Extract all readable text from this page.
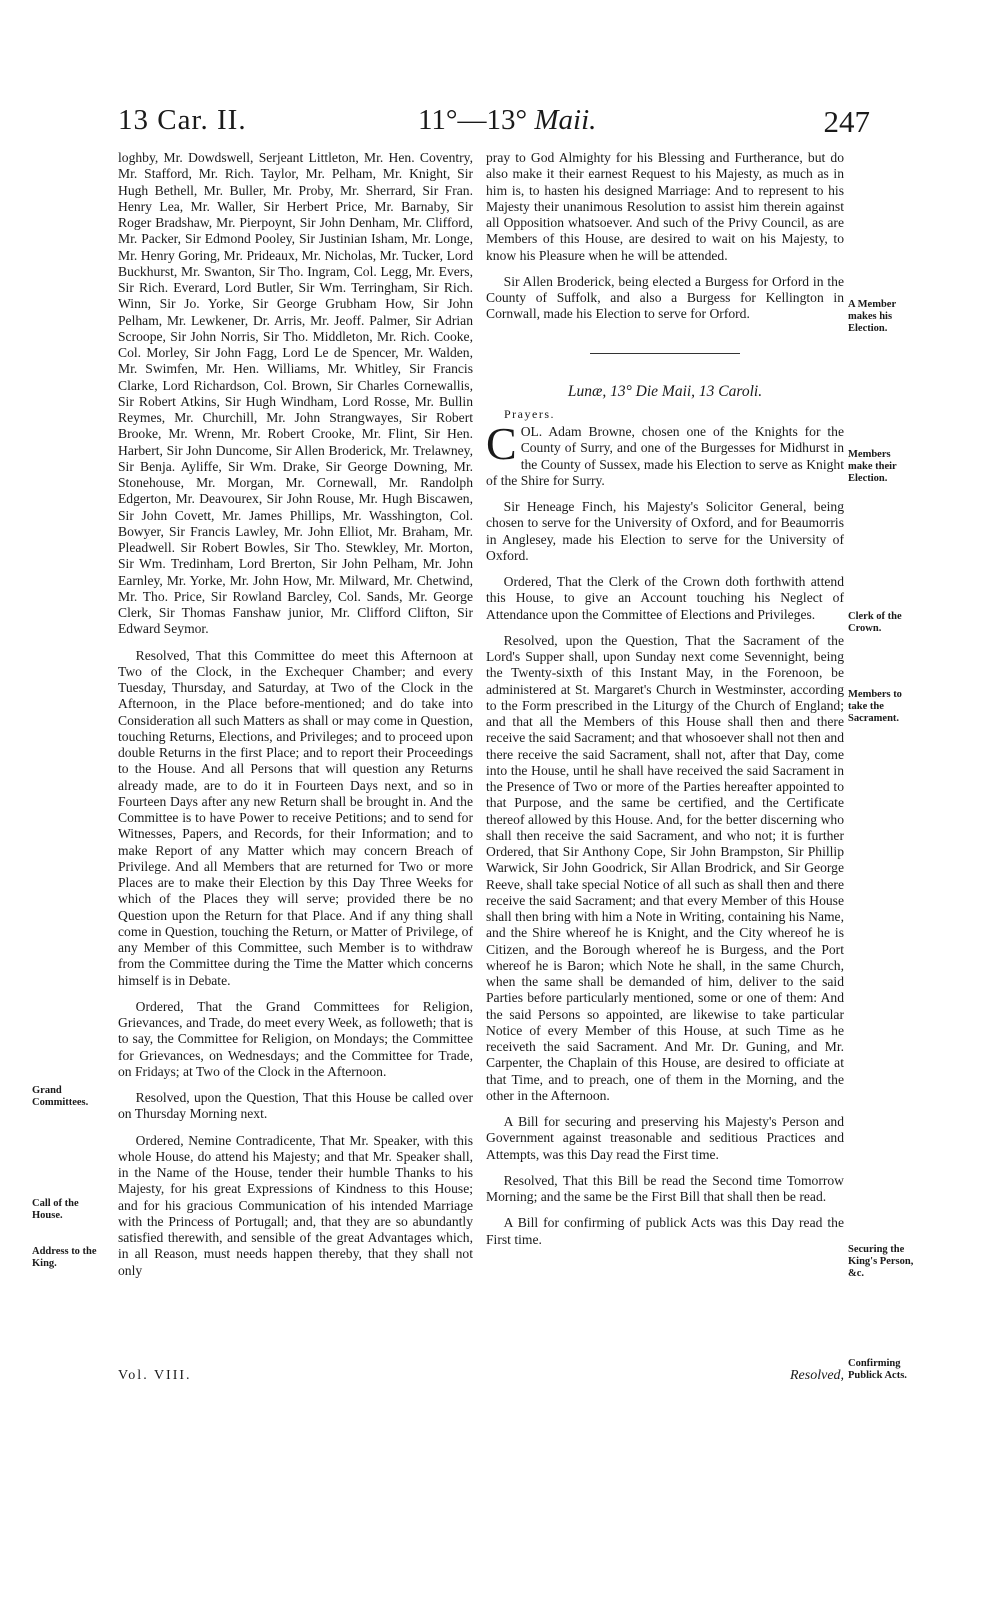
13 Car. II.	11°—13° Maii.	247

loghby, Mr. Dowdswell, Serjeant Littleton, Mr. Hen. Coventry, Mr. Stafford, Mr. Rich. Taylor, Mr. Pelham, Mr. Knight, Sir Hugh Bethell, Mr. Buller, Mr. Proby, Mr. Sherrard, Sir Fran. Henry Lea, Mr. Waller, Sir Herbert Price, Mr. Barnaby, Sir Roger Bradshaw, Mr. Pierpoynt, Sir John Denham, Mr. Clifford, Mr. Packer, Sir Edmond Pooley, Sir Justinian Isham, Mr. Longe, Mr. Henry Goring, Mr. Prideaux, Mr. Nicholas, Mr. Tucker, Lord Buckhurst, Mr. Swanton, Sir Tho. Ingram, Col. Legg, Mr. Evers, Sir Rich. Everard, Lord Butler, Sir Wm. Terringham, Sir Rich. Winn, Sir Jo. Yorke, Sir George Grubham How, Sir John Pelham, Mr. Lewkener, Dr. Arris, Mr. Jeoff. Palmer, Sir Adrian Scroope, Sir John Norris, Sir Tho. Middleton, Mr. Rich. Cooke, Col. Morley, Sir John Fagg, Lord Le de Spencer, Mr. Walden, Mr. Swimfen, Mr. Hen. Williams, Mr. Whitley, Sir Francis Clarke, Lord Richardson, Col. Brown, Sir Charles Cornewallis, Sir Robert Atkins, Sir Hugh Windham, Lord Rosse, Mr. Bullin Reymes, Mr. Churchill, Mr. John Strangwayes, Sir Robert Brooke, Mr. Wrenn, Mr. Robert Crooke, Mr. Flint, Sir Hen. Harbert, Sir John Duncome, Sir Allen Broderick, Mr. Trelawney, Sir Benja. Ayliffe, Sir Wm. Drake, Sir George Downing, Mr. Stonehouse, Mr. Morgan, Mr. Cornewall, Mr. Randolph Edgerton, Mr. Deavourex, Sir John Rouse, Mr. Hugh Biscawen, Sir John Covett, Mr. James Phillips, Mr. Wasshington, Col. Bowyer, Sir Francis Lawley, Mr. John Elliot, Mr. Braham, Mr. Pleadwell. Sir Robert Bowles, Sir Tho. Stewkley, Mr. Morton, Sir Wm. Tredinham, Lord Brerton, Sir John Pelham, Mr. John Earnley, Mr. Yorke, Mr. John How, Mr. Milward, Mr. Chetwind, Mr. Tho. Price, Sir Rowland Barcley, Col. Sands, Mr. George Clerk, Sir Thomas Fanshaw junior, Mr. Clifford Clifton, Sir Edward Seymor.

Resolved, That this Committee do meet this Afternoon at Two of the Clock, in the Exchequer Chamber; and every Tuesday, Thursday, and Saturday, at Two of the Clock in the Afternoon, in the Place before-mentioned; and do take into Consideration all such Matters as shall or may come in Question, touching Returns, Elections, and Privileges; and to proceed upon double Returns in the first Place; and to report their Proceedings to the House. And all Persons that will question any Returns already made, are to do it in Fourteen Days next, and so in Fourteen Days after any new Return shall be brought in. And the Committee is to have Power to receive Petitions; and to send for Witnesses, Papers, and Records, for their Information; and to make Report of any Matter which may concern Breach of Privilege. And all Members that are returned for Two or more Places are to make their Election by this Day Three Weeks for which of the Places they will serve; provided there be no Question upon the Return for that Place. And if any thing shall come in Question, touching the Return, or Matter of Privilege, of any Member of this Committee, such Member is to withdraw from the Committee during the Time the Matter which concerns himself is in Debate.

Ordered, That the Grand Committees for Religion, Grievances, and Trade, do meet every Week, as followeth; that is to say, the Committee for Religion, on Mondays; the Committee for Grievances, on Wednesdays; and the Committee for Trade, on Fridays; at Two of the Clock in the Afternoon.

Resolved, upon the Question, That this House be called over on Thursday Morning next.

Ordered, Nemine Contradicente, That Mr. Speaker, with this whole House, do attend his Majesty; and that Mr. Speaker shall, in the Name of the House, tender their humble Thanks to his Majesty, for his great Expressions of Kindness to this House; and for his gracious Communication of his intended Marriage with the Princess of Portugall; and, that they are so abundantly satisfied therewith, and sensible of the great Advantages which, in all Reason, must needs happen thereby, that they shall not only

pray to God Almighty for his Blessing and Furtherance, but do also make it their earnest Request to his Majesty, as much as in him is, to hasten his designed Marriage: And to represent to his Majesty their unanimous Resolution to assist him therein against all Opposition whatsoever. And such of the Privy Council, as are Members of this House, are desired to wait on his Majesty, to know his Pleasure when he will be attended.

Sir Allen Broderick, being elected a Burgess for Orford in the County of Suffolk, and also a Burgess for Kellington in Cornwall, made his Election to serve for Orford.

Lunæ, 13° Die Maii, 13 Caroli.
Prayers.

COL. Adam Browne, chosen one of the Knights for the County of Surry, and one of the Burgesses for Midhurst in the County of Sussex, made his Election to serve as Knight of the Shire for Surry.

Sir Heneage Finch, his Majesty's Solicitor General, being chosen to serve for the University of Oxford, and for Beaumorris in Anglesey, made his Election to serve for the University of Oxford.

Ordered, That the Clerk of the Crown doth forthwith attend this House, to give an Account touching his Neglect of Attendance upon the Committee of Elections and Privileges.

Resolved, upon the Question, That the Sacrament of the Lord's Supper shall, upon Sunday next come Sevennight, being the Twenty-sixth of this Instant May, in the Forenoon, be administered at St. Margaret's Church in Westminster, according to the Form prescribed in the Liturgy of the Church of England; and that all the Members of this House shall then and there receive the said Sacrament; and that whosoever shall not then and there receive the said Sacrament, shall not, after that Day, come into the House, until he shall have received the said Sacrament in the Presence of Two or more of the Parties hereafter appointed to that Purpose, and the same be certified, and the Certificate thereof allowed by this House. And, for the better discerning who shall then receive the said Sacrament, and who not; it is further Ordered, that Sir Anthony Cope, Sir John Brampston, Sir Phillip Warwick, Sir John Goodrick, Sir Allan Brodrick, and Sir George Reeve, shall take special Notice of all such as shall then and there receive the said Sacrament; and that every Member of this House shall then bring with him a Note in Writing, containing his Name, and the Shire whereof he is Knight, and the City whereof he is Citizen, and the Borough whereof he is Burgess, and the Port whereof he is Baron; which Note he shall, in the same Church, when the same shall be demanded of him, deliver to the said Parties before particularly mentioned, some or one of them: And the said Persons so appointed, are likewise to take particular Notice of every Member of this House, at such Time as he receiveth the said Sacrament. And Mr. Dr. Guning, and Mr. Carpenter, the Chaplain of this House, are desired to officiate at that Time, and to preach, one of them in the Morning, and the other in the Afternoon.

A Bill for securing and preserving his Majesty's Person and Government against treasonable and seditious Practices and Attempts, was this Day read the First time.

Resolved, That this Bill be read the Second time Tomorrow Morning; and the same be the First Bill that shall then be read.

A Bill for confirming of publick Acts was this Day read the First time.

Grand Committees.
Call of the House.
Address to the King.
A Member makes his Election.
Members make their Election.
Clerk of the Crown.
Members to take the Sacrament.
Securing the King's Person, &c.
Confirming Publick Acts.
Vol. VIII.	Resolved,
